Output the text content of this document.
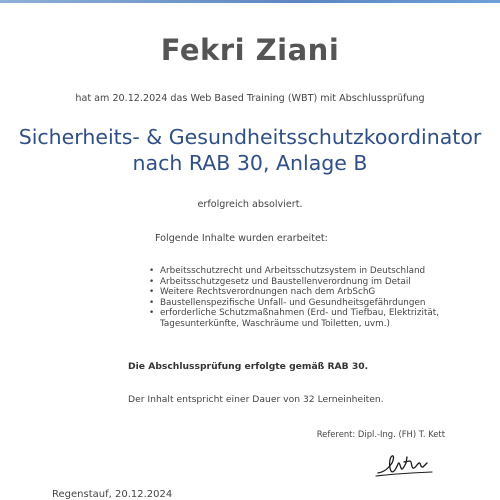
Fekri Ziani
hat am 20.12.2024 das Web Based Training (WBT) mit Abschlussprüfung
Sicherheits- & Gesundheitsschutzkoordinator
nach RAB 30, Anlage B
erfolgreich absolviert.
Folgende Inhalte wurden erarbeitet:
• Arbeitsschutzrecht und Arbeitsschutzsystem in Deutschland
• Arbeitsschutzgesetz und Baustellenverordnung im Detail
• Weitere Rechtsverordnungen nach dem ArbSchG
• Baustellenspezifische Unfall- und Gesundheitsgefährdungen
• erforderliche Schutzmaßnahmen (Erd- und Tiefbau, Elektrizität, Tagesunterkünfte, Waschräume und Toiletten, uvm.)
Die Abschlussprüfung erfolgte gemäß RAB 30.
Der Inhalt entspricht einer Dauer von 32 Lerneinheiten.
Referent: Dipl.-Ing. (FH) T. Kett
Regenstauf, 20.12.2024
